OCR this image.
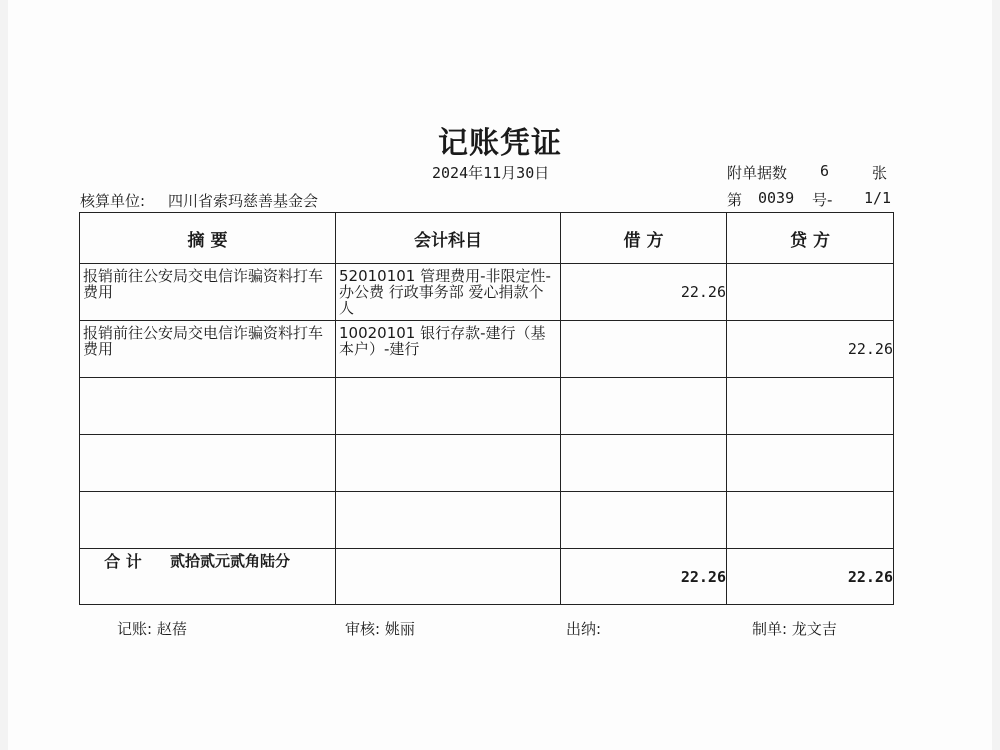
记账凭证
2024年11月30日	附单据数 6	张
核算单位: 四川省索玛慈善基金会	第 0039 号- 1/1
摘 要	会计科目	借 方	贷 方

报销前往公安局交电信诈骗资料打车费用	52010101 管理费用-非限定性-办公费 行政事务部 爱心捐款个人	22.26	

报销前往公安局交电信诈骗资料打车费用	10020101 银行存款-建行（基本户）-建行		22.26

合 计 贰拾贰元贰角陆分		22.26	22.26
记账: 赵蓓	审核: 姚丽	出纳:	制单: 龙文吉
